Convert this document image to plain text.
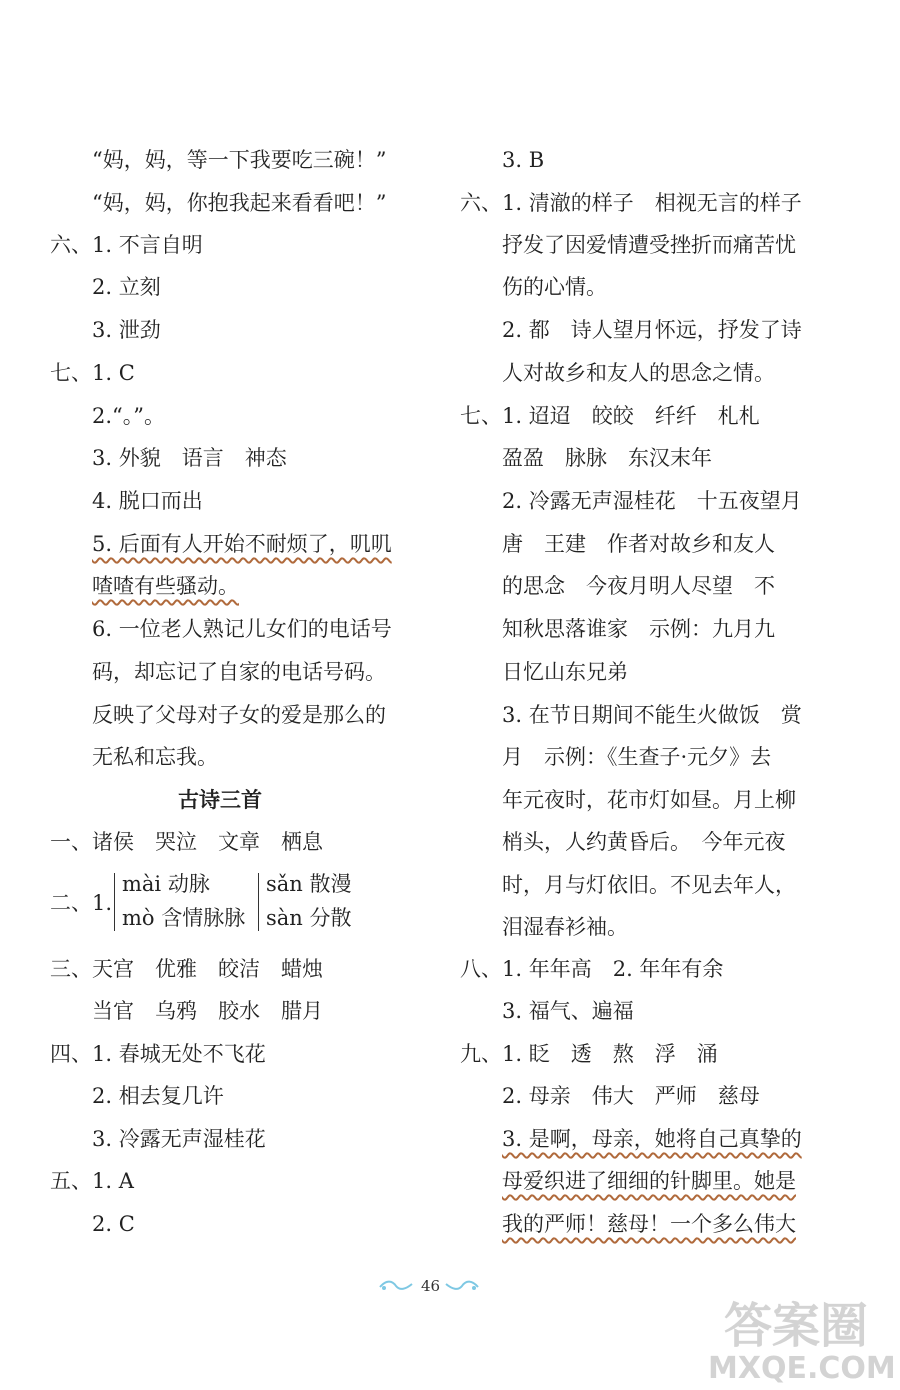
“妈，妈，等一下我要吃三碗！”
“妈，妈，你抱我起来看看吧！”
六、1. 不言自明
2. 立刻
3. 泄劲
七、1. C
2.“。”。
3. 外貌　语言　神态
4. 脱口而出
5. 后面有人开始不耐烦了，叽叽
喳喳有些骚动。
6. 一位老人熟记儿女们的电话号
码，却忘记了自家的电话号码。
反映了父母对子女的爱是那么的
无私和忘我。
古诗三首
一、诸侯　哭泣　文章　栖息
二、1.
mài 动脉
mò 含情脉脉
sǎn 散漫
sàn 分散
三、天宫　优雅　皎洁　蜡烛
当官　乌鸦　胶水　腊月
四、1. 春城无处不飞花
2. 相去复几许
3. 冷露无声湿桂花
五、1. A
2. C
3. B
六、1. 清澈的样子　相视无言的样子
抒发了因爱情遭受挫折而痛苦忧
伤的心情。
2. 都　诗人望月怀远，抒发了诗
人对故乡和友人的思念之情。
七、1. 迢迢　皎皎　纤纤　札札
盈盈　脉脉　东汉末年
2. 冷露无声湿桂花　十五夜望月
唐　王建　作者对故乡和友人
的思念　今夜月明人尽望　不
知秋思落谁家　示例：九月九
日忆山东兄弟
3. 在节日期间不能生火做饭　赏
月　示例：《生查子·元夕》去
年元夜时，花市灯如昼。月上柳
梢头，人约黄昏后。　今年元夜
时，月与灯依旧。不见去年人，
泪湿春衫袖。
八、1. 年年高　2. 年年有余
3. 福气、遍福
九、1. 眨　透　熬　浮　涌
2. 母亲　伟大　严师　慈母
3. 是啊，母亲，她将自己真挚的
母爱织进了细细的针脚里。她是
我的严师！慈母！一个多么伟大
46
答案圈
MXQE.COM
